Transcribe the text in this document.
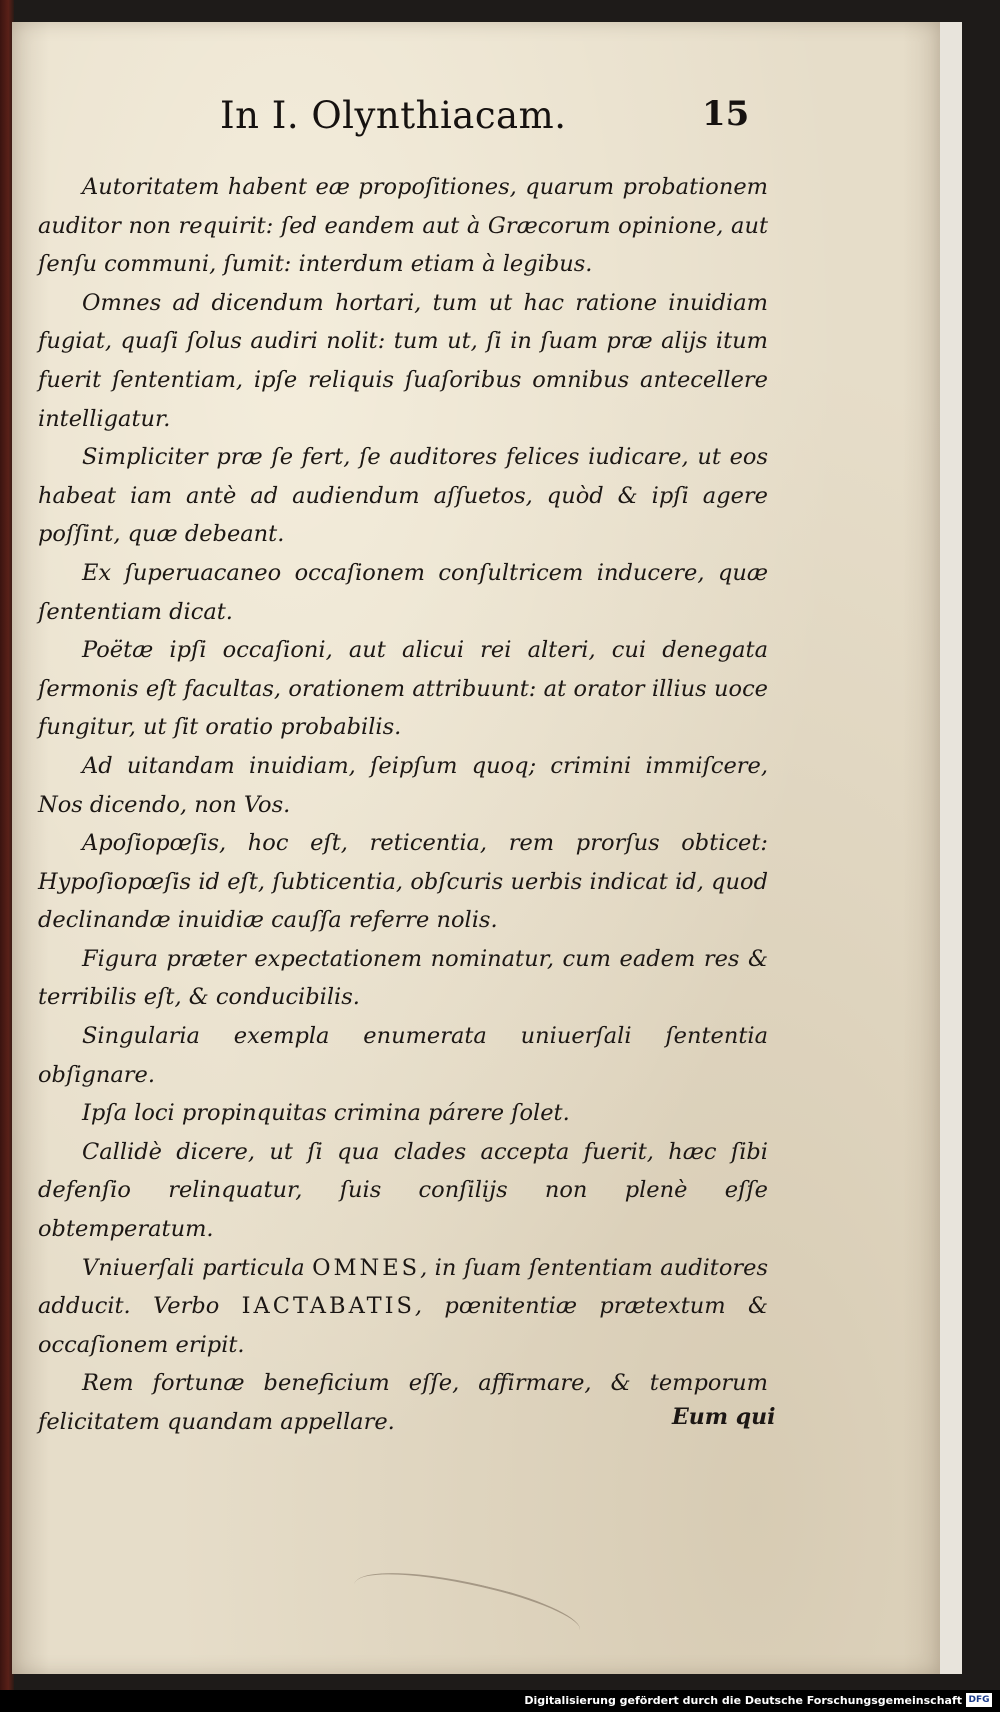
In I. Olynthiacam.	15

Autoritatem habent eæ propoſitiones, quarum probationem auditor non requirit: ſed eandem aut à Græcorum opinione, aut ſenſu communi, ſumit: interdum etiam à legibus.

Omnes ad dicendum hortari, tum ut hac ratione inuidiam fugiat, quaſi ſolus audiri nolit: tum ut, ſi in ſuam præ alijs itum fuerit ſententiam, ipſe reliquis ſuaſoribus omnibus antecellere intelligatur.

Simpliciter præ ſe fert, ſe auditores felices iudicare, ut eos habeat iam antè ad audiendum aſſuetos, quòd & ipſi agere poſſint, quæ debeant.

Ex ſuperuacaneo occaſionem conſultricem inducere, quæ ſententiam dicat.

Poëtæ ipſi occaſioni, aut alicui rei alteri, cui denegata ſermonis eſt facultas, orationem attribuunt: at orator illius uoce fungitur, ut ſit oratio probabilis.

Ad uitandam inuidiam, ſeipſum quoq; crimini immiſcere, Nos dicendo, non Vos.

Apoſiopœſis, hoc eſt, reticentia, rem prorſus obticet: Hypoſiopœſis id eſt, ſubticentia, obſcuris uerbis indicat id, quod declinandæ inuidiæ cauſſa referre nolis.

Figura præter expectationem nominatur, cum eadem res & terribilis eſt, & conducibilis.

Singularia exempla enumerata uniuerſali ſententia obſignare.

Ipſa loci propinquitas crimina párere ſolet.

Callidè dicere, ut ſi qua clades accepta fuerit, hæc ſibi defenſio relinquatur, ſuis conſilijs non plenè eſſe obtemperatum.

Vniuerſali particula OMNES, in ſuam ſententiam auditores adducit. Verbo IACTABATIS, pœnitentiæ prætextum & occaſionem eripit.

Rem fortunæ beneficium eſſe, affirmare, & temporum felicitatem quandam appellare.	Eum qui
Digitalisierung gefördert durch die Deutsche Forschungsgemeinschaft DFG
